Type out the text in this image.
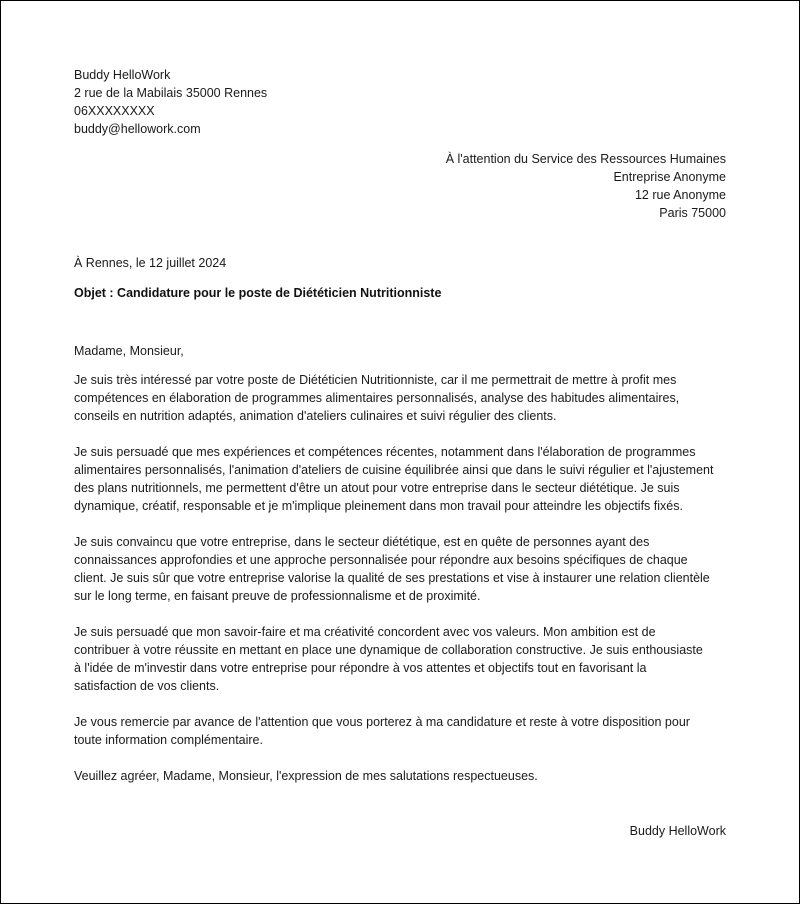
Buddy HelloWork
2 rue de la Mabilais 35000 Rennes
06XXXXXXXX
buddy@hellowork.com
À l'attention du Service des Ressources Humaines
Entreprise Anonyme
12 rue Anonyme
Paris 75000
À Rennes, le 12 juillet 2024
Objet : Candidature pour le poste de Diététicien Nutritionniste
Madame, Monsieur,

Je suis très intéressé par votre poste de Diététicien Nutritionniste, car il me permettrait de mettre à profit mes
compétences en élaboration de programmes alimentaires personnalisés, analyse des habitudes alimentaires,
conseils en nutrition adaptés, animation d'ateliers culinaires et suivi régulier des clients.

Je suis persuadé que mes expériences et compétences récentes, notamment dans l'élaboration de programmes
alimentaires personnalisés, l'animation d'ateliers de cuisine équilibrée ainsi que dans le suivi régulier et l'ajustement
des plans nutritionnels, me permettent d'être un atout pour votre entreprise dans le secteur diététique. Je suis
dynamique, créatif, responsable et je m'implique pleinement dans mon travail pour atteindre les objectifs fixés.

Je suis convaincu que votre entreprise, dans le secteur diététique, est en quête de personnes ayant des
connaissances approfondies et une approche personnalisée pour répondre aux besoins spécifiques de chaque
client. Je suis sûr que votre entreprise valorise la qualité de ses prestations et vise à instaurer une relation clientèle
sur le long terme, en faisant preuve de professionnalisme et de proximité.

Je suis persuadé que mon savoir-faire et ma créativité concordent avec vos valeurs. Mon ambition est de
contribuer à votre réussite en mettant en place une dynamique de collaboration constructive. Je suis enthousiaste
à l'idée de m'investir dans votre entreprise pour répondre à vos attentes et objectifs tout en favorisant la
satisfaction de vos clients.

Je vous remercie par avance de l'attention que vous porterez à ma candidature et reste à votre disposition pour
toute information complémentaire.

Veuillez agréer, Madame, Monsieur, l'expression de mes salutations respectueuses.

Buddy HelloWork
